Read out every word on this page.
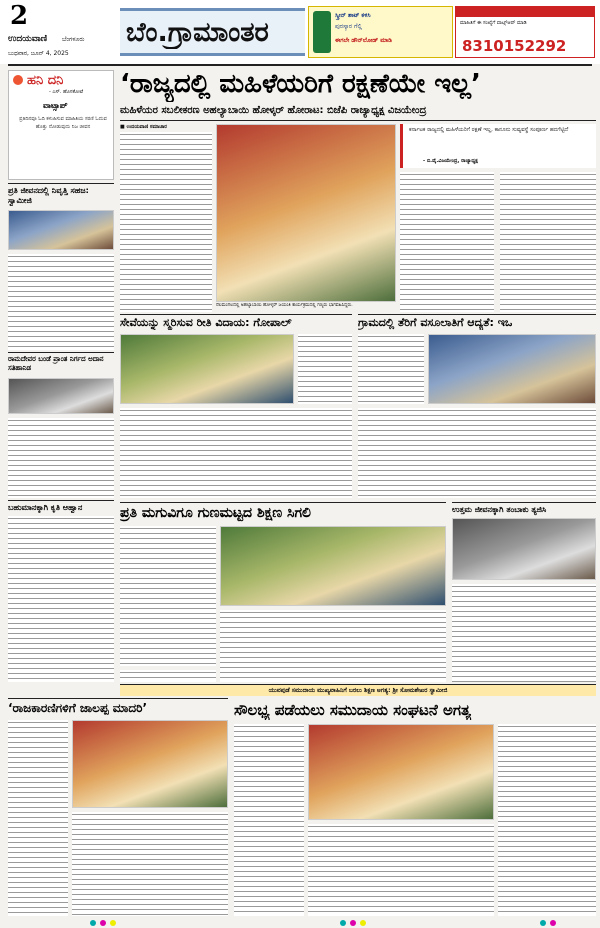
2
ಉದಯವಾಣಿ ಬೆಂಗಳೂರು
ಬುಧವಾರ, ಜೂನ್ 4, 2025
ಬೆಂ.ಗ್ರಾಮಾಂತರ
ಸ್ಕ್ರೀನ್ ಶಾಟ್ ಕಳಿಸಿ
ಪುರಸ್ಕಾರ ಗೆಲ್ಲಿ
ಈಗಲೇ ಡೌನ್‌ಲೋಡ್ ಮಾಡಿ
ಮಾಹಿತಿಗೆ ಈ ಸಂಖ್ಯೆಗೆ ವಾಟ್ಸ್‌ಆಪ್ ಮಾಡಿ
8310152292
ಹನಿ ದನಿ
- ಎಸ್. ಹೊಸಕೋಟೆ
ವಾಟ್ಸಾಪ್
ಪ್ರತಿದಿನವೂ ಓದಿ ಕಳುಹಿಸುವ ಮಾಹಿತಿಯ ಸರಣಿ ಓದುವ ಹೊತ್ತು ನೋಡುವುದು ನಿಜ ಜೀವನ
‘ರಾಜ್ಯದಲ್ಲಿ ಮಹಿಳೆಯರಿಗೆ ರಕ್ಷಣೆಯೇ ಇಲ್ಲ’
ಮಹಿಳೆಯರ ಸಬಲೀಕರಣ ಅಹಲ್ಯಾಬಾಯಿ ಹೋಳ್ಕರ್ ಹೋರಾಟ: ಬಿಜೆಪಿ ರಾಜ್ಯಾಧ್ಯಕ್ಷ ವಿಜಯೇಂದ್ರ
■ ಉದಯವಾಣಿ ಸಮಾಚಾರ
ನೆಲಮಂಗಲದಲ್ಲಿ ಅಹಲ್ಯಾಬಾಯಿ ಹೋಳ್ಕರ್ ಜಯಂತಿ ಕಾರ್ಯಕ್ರಮದಲ್ಲಿ ಗಣ್ಯರು ಭಾಗವಹಿಸಿದ್ದರು.
ಕರ್ನಾಟಕ ರಾಜ್ಯದಲ್ಲಿ ಮಹಿಳೆಯರಿಗೆ ರಕ್ಷಣೆ ಇಲ್ಲ, ಕಾನೂನು ಸುವ್ಯವಸ್ಥೆ ಸಂಪೂರ್ಣ ಹದಗೆಟ್ಟಿದೆ
- ಬಿ.ವೈ.ವಿಜಯೇಂದ್ರ, ರಾಜ್ಯಾಧ್ಯಕ್ಷ
ಪ್ರತಿ ಜೀವನದಲ್ಲಿ ನಿವೃತ್ತಿ ಸಹಜ: ಸ್ವಾಮೀಜಿ
ರಾಮದೇವರ ಬಂಡೆ ಪ್ರಾಂತ ನಿರ್ಗದ ಅದಾನ ಸತಿಹಾನಿಡ
ಬಹುಮಾನಕ್ಕಾಗಿ ಕೃತಿ ಆಹ್ವಾನ
ಸೇವೆಯನ್ನು ಸ್ಮರಿಸುವ ರೀತಿ ವಿದಾಯ: ಗೋಪಾಲ್	ಗ್ರಾಮದಲ್ಲಿ ತೆರಿಗೆ ವಸೂಲಾತಿಗೆ ಆದ್ಯತೆ: ಇಒ
ಪ್ರತಿ ಮಗುವಿಗೂ ಗುಣಮಟ್ಟದ ಶಿಕ್ಷಣ ಸಿಗಲಿ	ಉತ್ತಮ ಜೀವನಕ್ಕಾಗಿ ತಂಬಾಕು ತ್ಯಜಿಸಿ
ಯುವಪುಡೆ ಸಮುದಾಯ ಮುಖ್ಯವಾಹಿನಿಗೆ ಬರಲು ಶಿಕ್ಷಣ ಅಗತ್ಯ: ಶ್ರೀ ಸೋಮಶೇಖರ ಸ್ವಾಮೀಜಿ
‘ರಾಜಕಾರಣಿಗಳಿಗೆ ಜಾಲಪ್ಪ ಮಾದರಿ’	ಸೌಲಭ್ಯ ಪಡೆಯಲು ಸಮುದಾಯ ಸಂಘಟನೆ ಅಗತ್ಯ
